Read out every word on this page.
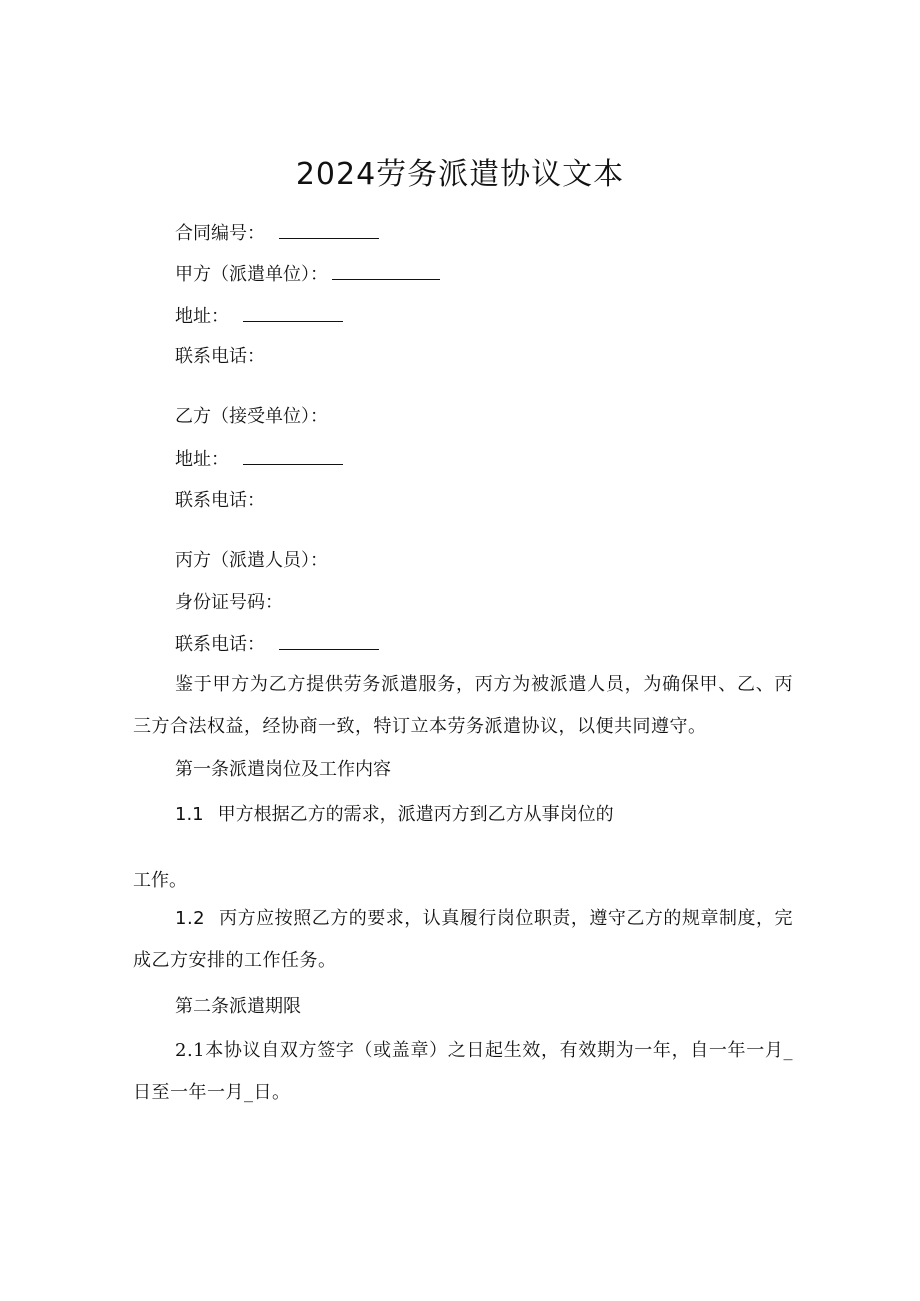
2024劳务派遣协议文本
合同编号：
甲方（派遣单位）：
地址：
联系电话：
乙方（接受单位）：
地址：
联系电话：
丙方（派遣人员）：
身份证号码：
联系电话：
鉴于甲方为乙方提供劳务派遣服务，丙方为被派遣人员，为确保甲、乙、丙三方合法权益，经协商一致，特订立本劳务派遣协议，以便共同遵守。
第一条派遣岗位及工作内容
1.1 甲方根据乙方的需求，派遣丙方到乙方从事岗位的
工作。
1.2 丙方应按照乙方的要求，认真履行岗位职责，遵守乙方的规章制度，完成乙方安排的工作任务。
第二条派遣期限
2.1本协议自双方签字（或盖章）之日起生效，有效期为一年，自一年一月_日至一年一月_日。
